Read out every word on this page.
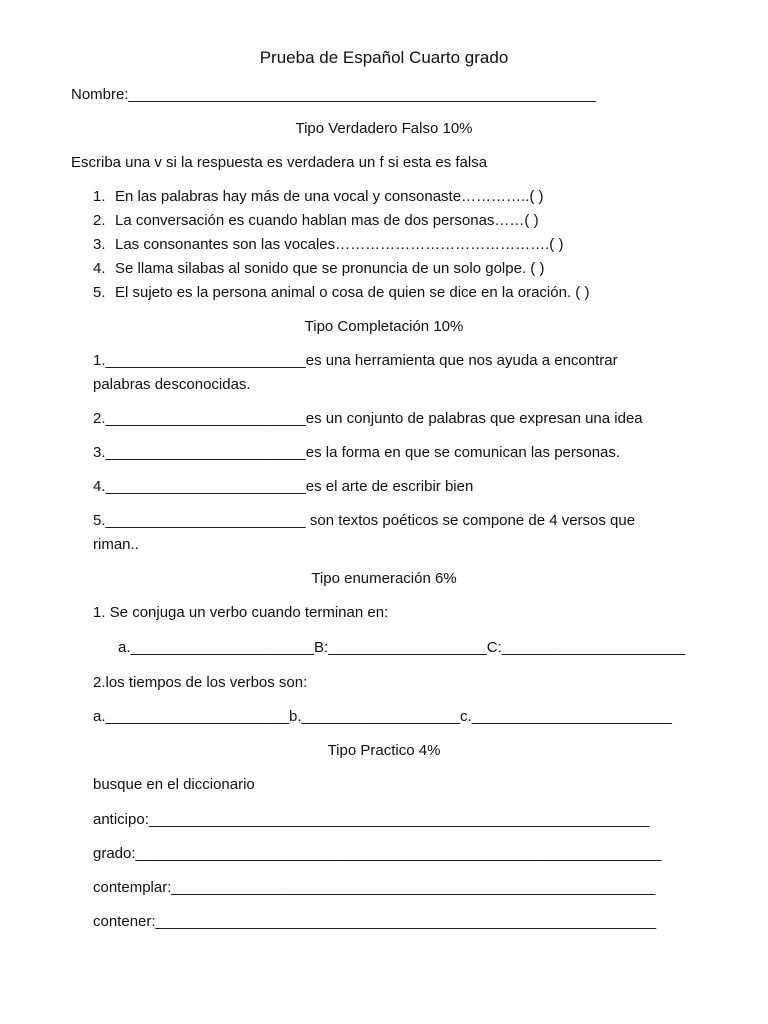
Prueba de Español Cuarto grado
Nombre:________________________________________________________
Tipo Verdadero Falso 10%
Escriba una v si la respuesta es verdadera un f si esta es falsa
1. En las palabras hay más de una vocal y consonaste…………..( )
2. La conversación es cuando hablan mas de dos personas……( )
3. Las consonantes son las vocales…………………………………….( )
4. Se llama silabas al sonido que se pronuncia de un solo golpe. ( )
5. El sujeto es la persona animal o cosa de quien se dice en la oración. ( )
Tipo Completación 10%
1.________________________es una herramienta que nos ayuda a encontrar
palabras desconocidas.
2.________________________es un conjunto de palabras que expresan una idea
3.________________________es la forma en que se comunican las personas.
4.________________________es el arte de escribir bien
5.________________________ son textos poéticos se compone de 4 versos que
riman..
Tipo enumeración 6%
1. Se conjuga un verbo cuando terminan en:
a.______________________B:___________________C:______________________
2.los tiempos de los verbos son:
a.______________________b.___________________c.________________________
Tipo Practico 4%
busque en el diccionario
anticipo:____________________________________________________________
grado:_______________________________________________________________
contemplar:__________________________________________________________
contener:____________________________________________________________
